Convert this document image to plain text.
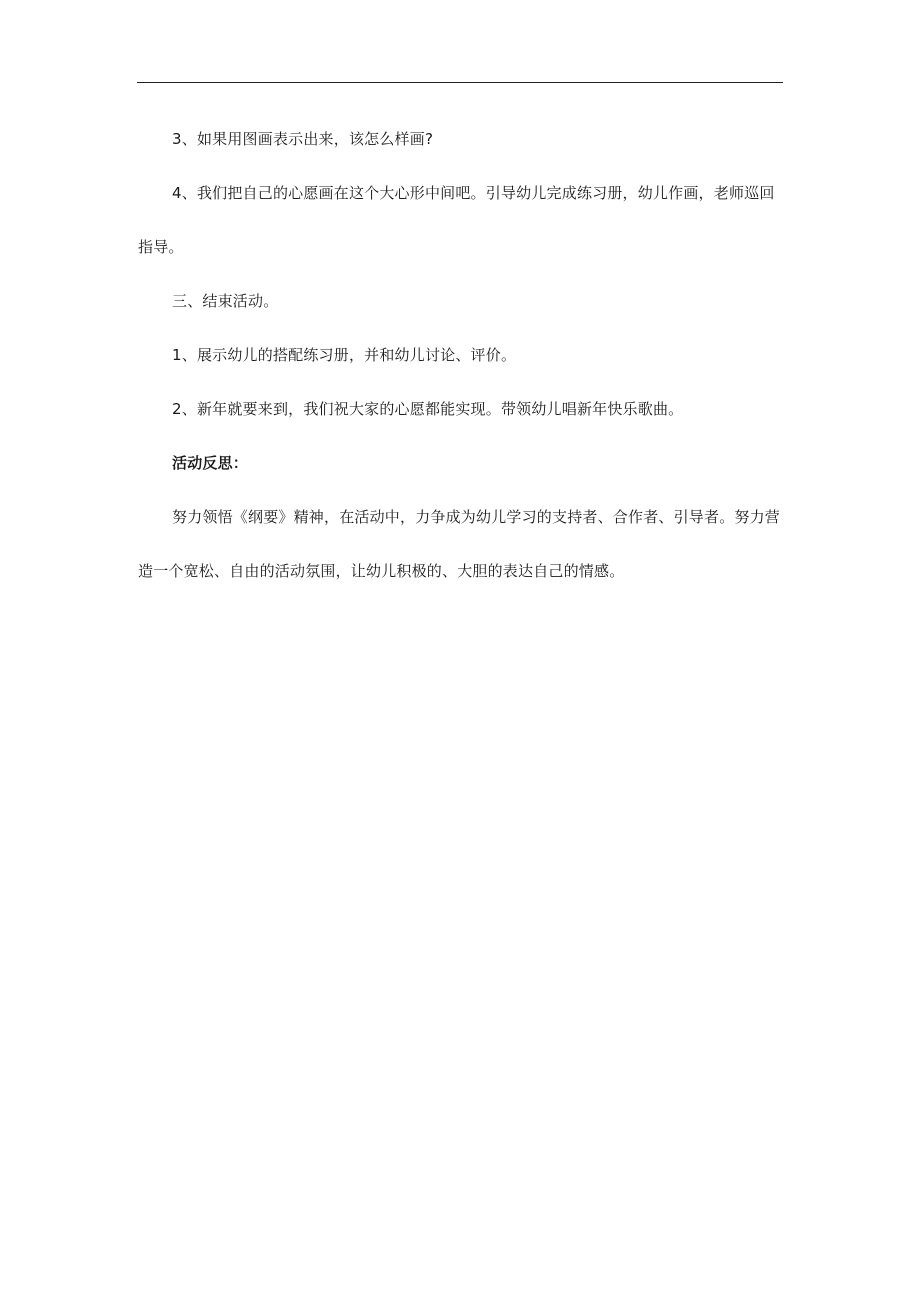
3、如果用图画表示出来，该怎么样画?

4、我们把自己的心愿画在这个大心形中间吧。引导幼儿完成练习册，幼儿作画，老师巡回指导。

三、结束活动。

1、展示幼儿的搭配练习册，并和幼儿讨论、评价。

2、新年就要来到，我们祝大家的心愿都能实现。带领幼儿唱新年快乐歌曲。

活动反思：

努力领悟《纲要》精神，在活动中，力争成为幼儿学习的支持者、合作者、引导者。努力营造一个宽松、自由的活动氛围，让幼儿积极的、大胆的表达自己的情感。
